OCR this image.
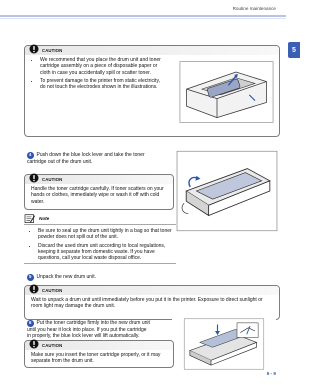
Routine maintenance
5
CAUTION
• We recommend that you place the drum unit and toner cartridge assembly on a piece of disposable paper or cloth in case you accidentally spill or scatter toner.
• To prevent damage to the printer from static electricity, do not touch the electrodes shown in the illustrations.
4 Push down the blue lock lever and take the toner cartridge out of the drum unit.
CAUTION
Handle the toner cartridge carefully. If toner scatters on your hands or clothes, immediately wipe or wash it off with cold water.
Note
• Be sure to seal up the drum unit tightly in a bag so that toner powder does not spill out of the unit.
• Discard the used drum unit according to local regulations, keeping it separate from domestic waste. If you have questions, call your local waste disposal office.
5 Unpack the new drum unit.
CAUTION
Wait to unpack a drum unit until immediately before you put it in the printer. Exposure to direct sunlight or room light may damage the drum unit.
6 Put the toner cartridge firmly into the new drum unit until you hear it lock into place. If you put the cartridge in properly, the blue lock lever will lift automatically.
CAUTION
Make sure you insert the toner cartridge properly, or it may separate from the drum unit.
5 - 9
